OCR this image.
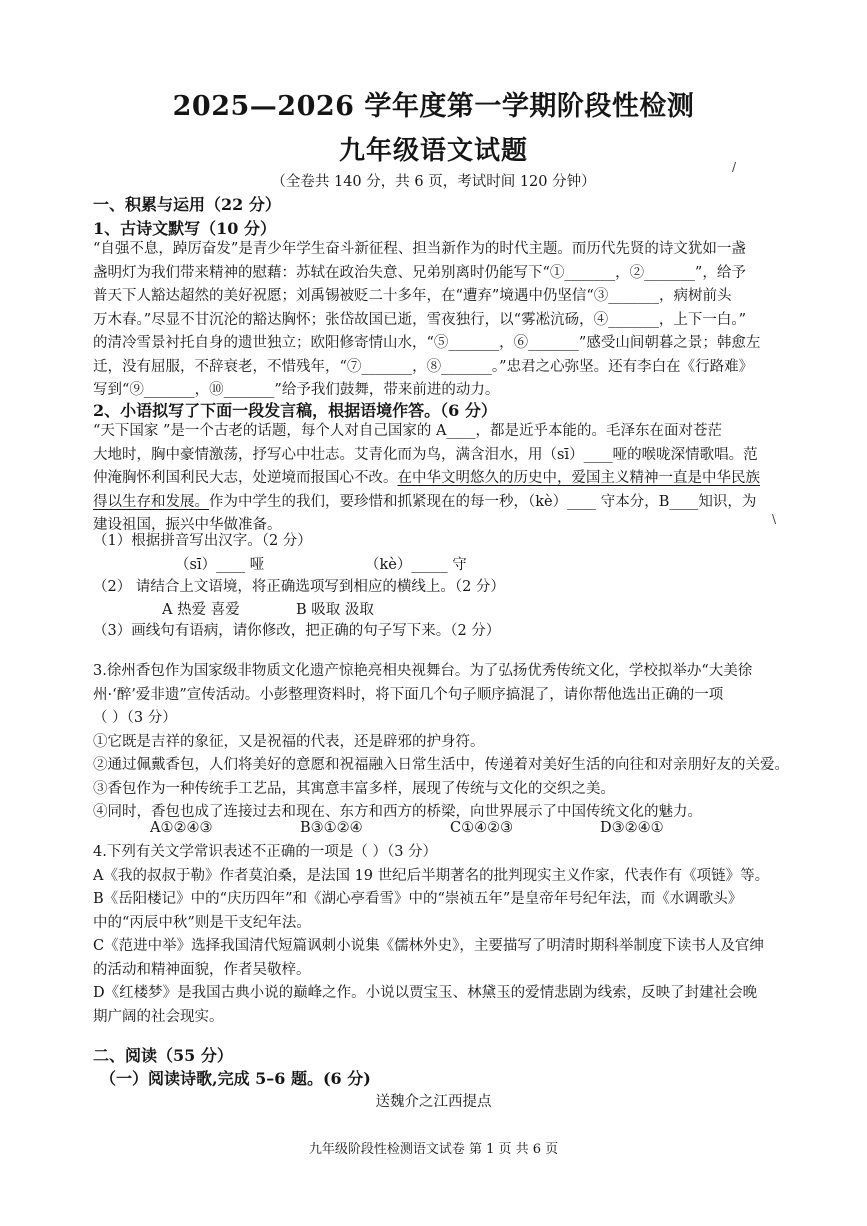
2025—2026 学年度第一学期阶段性检测
九年级语文试题
（全卷共 140 分，共 6 页，考试时间 120 分钟）
/
一、积累与运用（22 分）
1、古诗文默写（10 分）

“自强不息，踔厉奋发”是青少年学生奋斗新征程、担当新作为的时代主题。而历代先贤的诗文犹如一盏

盏明灯为我们带来精神的慰藉：苏轼在政治失意、兄弟别离时仍能写下“①_______，②_______”，给予

普天下人豁达超然的美好祝愿；刘禹锡被贬二十多年，在“遭弃”境遇中仍坚信“③_______，病树前头

万木春。”尽显不甘沉沦的豁达胸怀；张岱故国已逝，雪夜独行，以“雾凇沆砀，④_______，上下一白。”

的清冷雪景衬托自身的遗世独立；欧阳修寄情山水，“⑤_______，⑥_______”感受山间朝暮之景；韩愈左

迁，没有屈服，不辞衰老，不惜残年，“⑦_______，⑧_______。”忠君之心弥坚。还有李白在《行路难》

写到“⑨_______，⑩_______”给予我们鼓舞，带来前进的动力。

2、小语拟写了下面一段发言稿，根据语境作答。（6 分）

“天下国家 ”是一个古老的话题，每个人对自己国家的 A____，都是近乎本能的。毛泽东在面对苍茫

大地时，胸中豪情激荡，抒写心中壮志。艾青化而为鸟，满含泪水，用（sī）____哑的喉咙深情歌唱。范

仲淹胸怀利国利民大志，处逆境而报国心不改。在中华文明悠久的历史中，爱国主义精神一直是中华民族

得以生存和发展。作为中学生的我们，要珍惜和抓紧现在的每一秒，（kè）____ 守本分，B____知识，为

建设祖国，振兴中华做准备。	\
（1）根据拼音写出汉字。（2 分）
（sī）____ 哑	（kè）_____ 守
（2） 请结合上文语境，将正确选项写到相应的横线上。（2 分）
A 热爱 喜爱	B 吸取 汲取
（3）画线句有语病，请你修改，把正确的句子写下来。（2 分）

3.徐州香包作为国家级非物质文化遗产惊艳亮相央视舞台。为了弘扬优秀传统文化，学校拟举办“大美徐

州·‘醉’爱非遗”宣传活动。小彭整理资料时，将下面几个句子顺序搞混了，请你帮他选出正确的一项

（ ）（3 分）

①它既是吉祥的象征，又是祝福的代表，还是辟邪的护身符。

②通过佩戴香包，人们将美好的意愿和祝福融入日常生活中，传递着对美好生活的向往和对亲朋好友的关爱。

③香包作为一种传统手工艺品，其寓意丰富多样，展现了传统与文化的交织之美。

④同时，香包也成了连接过去和现在、东方和西方的桥梁，向世界展示了中国传统文化的魅力。

A①②④③	B③①②④	C①④②③	D③②④①

4.下列有关文学常识表述不正确的一项是（ ）（3 分）

A《我的叔叔于勒》作者莫泊桑，是法国 19 世纪后半期著名的批判现实主义作家，代表作有《项链》等。

B《岳阳楼记》中的“庆历四年”和《湖心亭看雪》中的“崇祯五年”是皇帝年号纪年法，而《水调歌头》

中的“丙辰中秋”则是干支纪年法。

C《范进中举》选择我国清代短篇讽刺小说集《儒林外史》，主要描写了明清时期科举制度下读书人及官绅

的活动和精神面貌，作者吴敬梓。

D《红楼梦》是我国古典小说的巅峰之作。小说以贾宝玉、林黛玉的爱情悲剧为线索，反映了封建社会晚

期广阔的社会现实。

二、阅读（55 分）
（一）阅读诗歌,完成 5–6 题。(6 分)
送魏介之江西提点
九年级阶段性检测语文试卷 第 1 页 共 6 页
